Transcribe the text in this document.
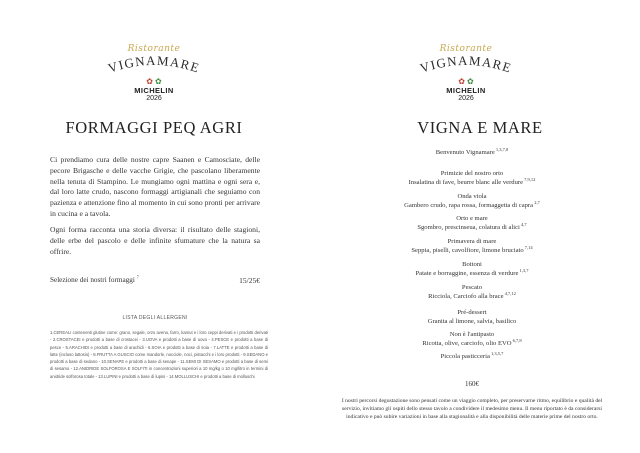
Ristorante
VIGNAMARE
✿ ✿
MICHELIN
2026
FORMAGGI PEQ AGRI
Ci prendiamo cura delle nostre capre Saanen e Camosciate, delle pecore Brigasche e delle vacche Grigie, che pascolano liberamente nella tenuta di Stampino. Le mungiamo ogni mattina e ogni sera e, dal loro latte crudo, nascono formaggi artigianali che seguiamo con pazienza e attenzione fino al momento in cui sono pronti per arrivare in cucina e a tavola.
Ogni forma racconta una storia diversa: il risultato delle stagioni, delle erbe del pascolo e delle infinite sfumature che la natura sa offrire.
Selezione dei nostri formaggi $^7$	15/25€
LISTA DEGLI ALLERGENI
1.CEREALI contenenti glutine come: grano, segale, orzo avena, farro, kamut e i loro ceppi derivati e i prodotti derivati - 2.CROSTACEI e prodotti a base di crostacei - 3.UOVA e prodotti a base di uova - 4.PESCE e prodotti a base di pesce - 5.ARACHIDI e prodotti a base di arachidi - 6.SOIA e prodotti a base di soia - 7.LATTE e prodotti a base di latte (incluso lattosio) - 8.FRUTTA A GUSCIO come mandorle, nocciole, noci, pistacchi e i loro prodotti - 9.SEDANO e prodotti a base di sedano - 10.SENAPE e prodotti a base di senape - 11.SEMI DI SESAMO e prodotti a base di semi di sesamo - 12.ANIDRIDE SOLFOROSA E SOLFITI in concentrazioni superiori a 10 mg/kg o 10 mg/litro in termini di anidride solforosa totale - 13.LUPINI e prodotti a base di lupini - 14.MOLLUSCHI e prodotti a base di molluschi
Ristorante
VIGNAMARE
✿ ✿
MICHELIN
2026
VIGNA E MARE
Benvenuto Vignamare $^{1,3,7,8}$
Primizie del nostro orto
Insalatina di fave, beurre blanc alle verdure $^{7,9,12}$
Onda viola
Gambero crudo, rapa rossa, formaggetta di capra $^{2,7}$
Orto e mare
Sgombro, prescinseua, colatura di alici $^{4,7}$
Primavera di mare
Seppia, piselli, cavolfiore, limone bruciato $^{7,14}$
Bottoni
Patate e borraggine, essenza di verdure $^{1,3,7}$
Pescato
Ricciola, Carciofo alla brace $^{4,7,12}$
Pré-dessert
Granita al limone, salvia, basilico
Non è l'antipasto
Ricotta, olive, carciofo, olio EVO $^{6,7,8}$
Piccola pasticceria $^{1,3,5,7}$
160€
I nostri percorsi degustazione sono pensati come un viaggio completo, per preservarne ritmo, equilibrio e qualità del servizio, invitiamo gli ospiti dello stesso tavolo a condividere il medesimo menu. Il menu riportato è da considerarsi indicativo e può subire variazioni in base alla stagionalità e alla disponibilità delle materie prime del nostro orto.
